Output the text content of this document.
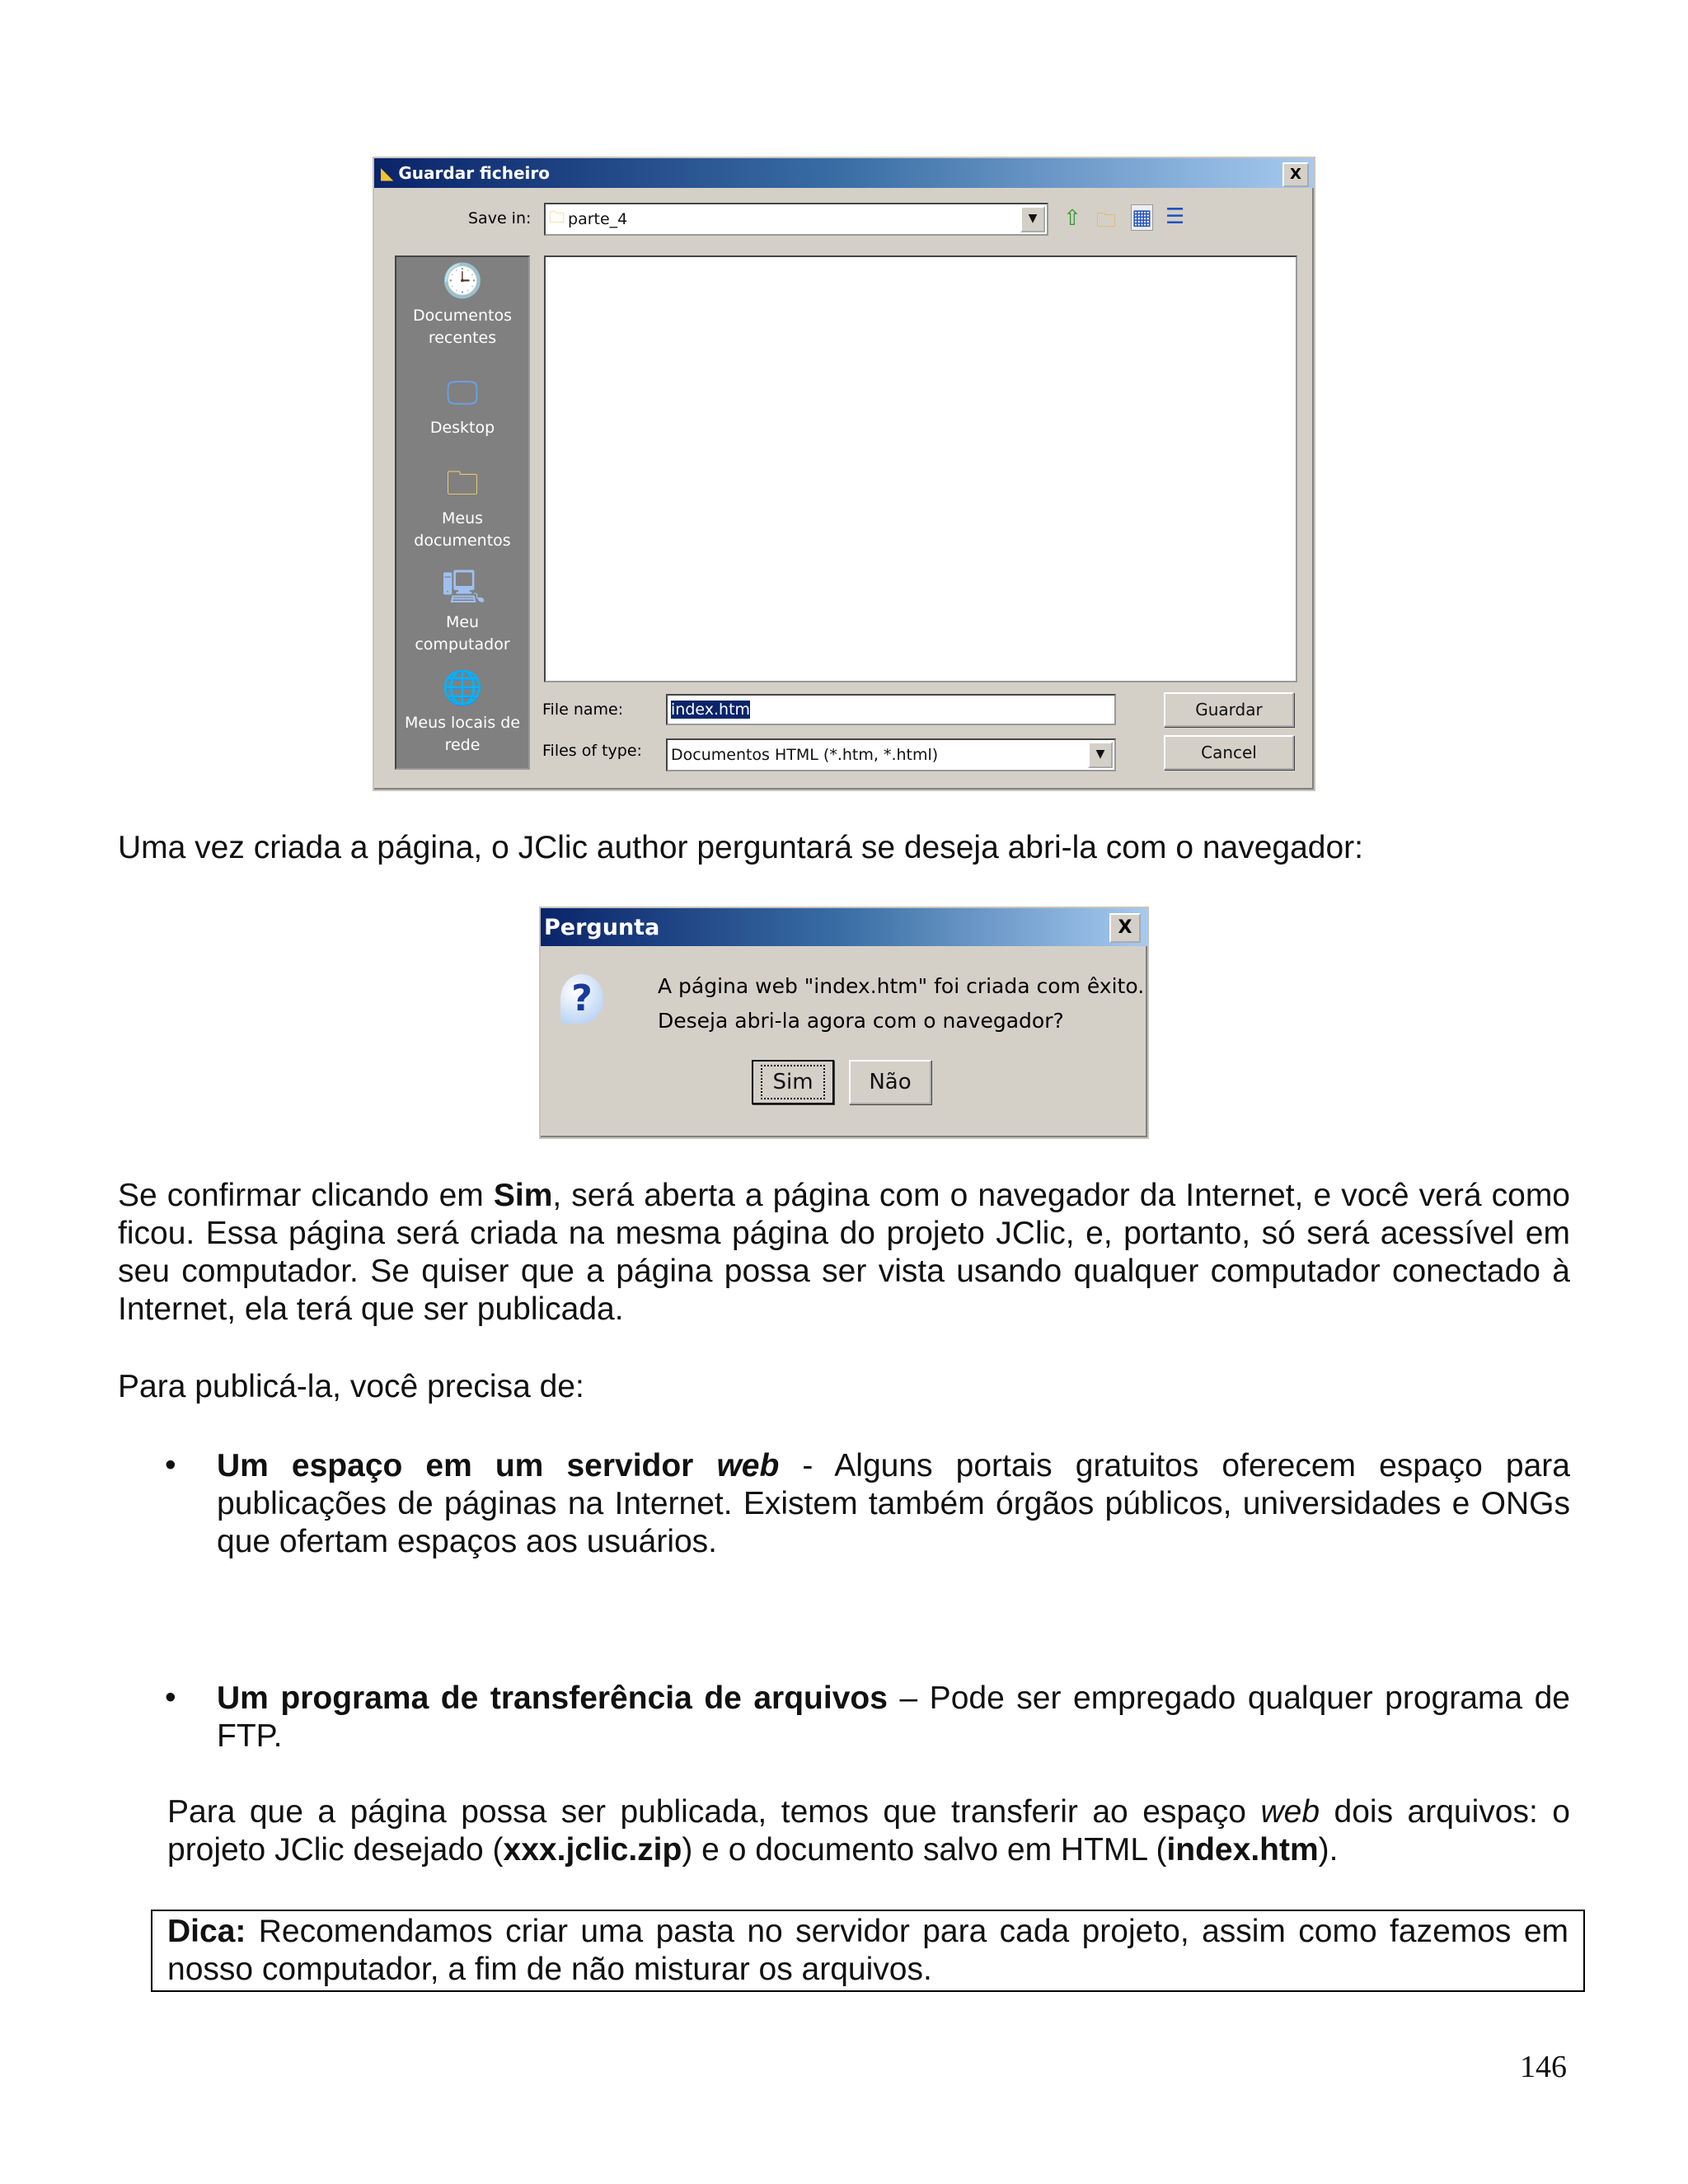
◣ Guardar ficheiro	X
Save in: 🗀 parte_4	▼	⇧ 🗀 ▦ ☰
🕒
Documentos recentes
🖵
Desktop
🗀
Meus documentos
🖳
Meu computador
🌐
Meus locais de rede
File name:	index.htm
Files of type: Documentos HTML (*.htm, *.html)	▼
Guardar
Cancel

Uma vez criada a página, o JClic author perguntará se deseja abri-la com o navegador:

Pergunta	X
?	A página web "index.htm" foi criada com êxito.
Deseja abri-la agora com o navegador?
Sim	Não

Se confirmar clicando em Sim, será aberta a página com o navegador da Internet, e você verá como ficou. Essa página será criada na mesma página do projeto JClic, e, portanto, só será acessível em seu computador. Se quiser que a página possa ser vista usando qualquer computador conectado à Internet, ela terá que ser publicada.

Para publicá-la, você precisa de:

• Um espaço em um servidor web - Alguns portais gratuitos oferecem espaço para publicações de páginas na Internet. Existem também órgãos públicos, universidades e ONGs que ofertam espaços aos usuários.

• Um programa de transferência de arquivos – Pode ser empregado qualquer programa de FTP.

Para que a página possa ser publicada, temos que transferir ao espaço web dois arquivos: o projeto JClic desejado (xxx.jclic.zip) e o documento salvo em HTML (index.htm).

Dica: Recomendamos criar uma pasta no servidor para cada projeto, assim como fazemos em nosso computador, a fim de não misturar os arquivos.

146
